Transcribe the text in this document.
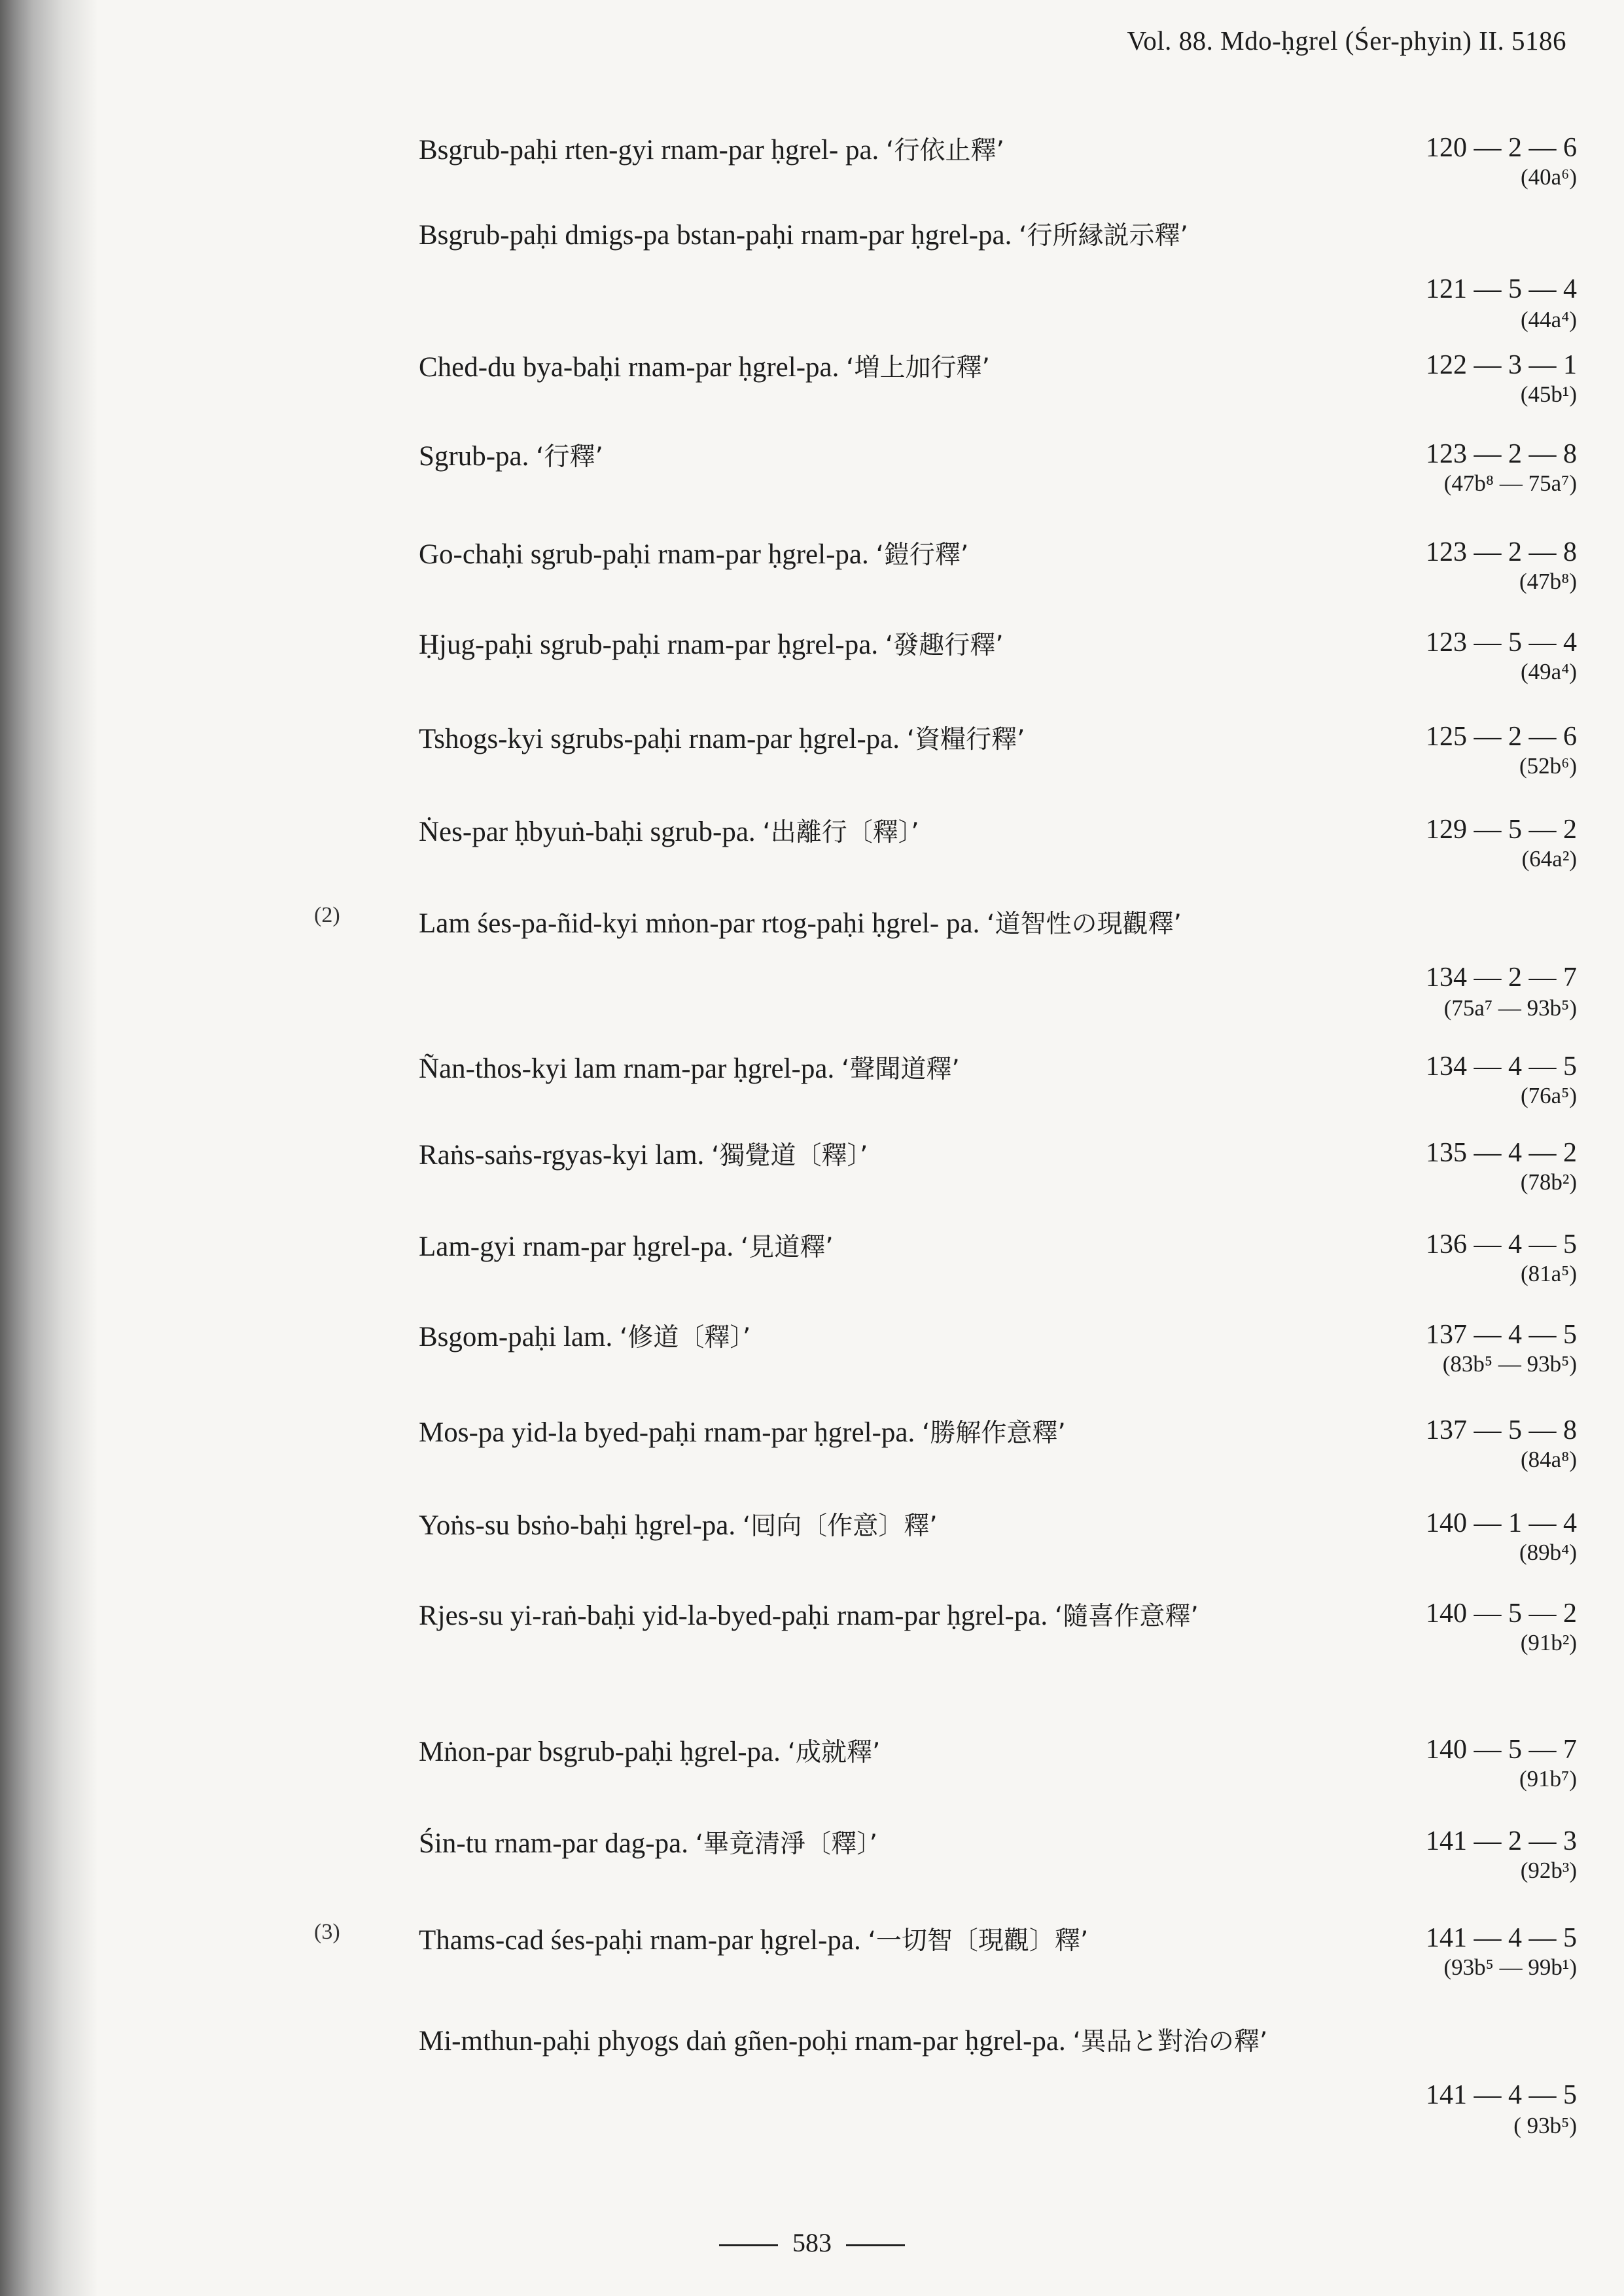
Vol. 88. Mdo-ḥgrel (Śer-phyin) II. 5186
Bsgrub-paḥi rten-gyi rnam-par ḥgrel- pa. ‘行依止釋’	120 — 2 — 6
(40a⁶)
Bsgrub-paḥi dmigs-pa bstan-paḥi rnam-par ḥgrel-pa. ‘行所縁説示釋’
121 — 5 — 4
(44a⁴)
Ched-du bya-baḥi rnam-par ḥgrel-pa. ‘増上加行釋’	122 — 3 — 1
(45b¹)
Sgrub-pa. ‘行釋’	123 — 2 — 8
(47b⁸ — 75a⁷)
Go-chaḥi sgrub-paḥi rnam-par ḥgrel-pa. ‘鎧行釋’	123 — 2 — 8
(47b⁸)
Ḥjug-paḥi sgrub-paḥi rnam-par ḥgrel-pa. ‘發趣行釋’	123 — 5 — 4
(49a⁴)
Tshogs-kyi sgrubs-paḥi rnam-par ḥgrel-pa. ‘資糧行釋’	125 — 2 — 6
(52b⁶)
Ṅes-par ḥbyuṅ-baḥi sgrub-pa. ‘出離行〔釋〕’	129 — 5 — 2
(64a²)
(2)	Lam śes-pa-ñid-kyi mṅon-par rtog-paḥi ḥgrel- pa. ‘道智性の現觀釋’
134 — 2 — 7
(75a⁷ — 93b⁵)
Ñan-thos-kyi lam rnam-par ḥgrel-pa. ‘聲聞道釋’	134 — 4 — 5
(76a⁵)
Raṅs-saṅs-rgyas-kyi lam. ‘獨覺道〔釋〕’	135 — 4 — 2
(78b²)
Lam-gyi rnam-par ḥgrel-pa. ‘見道釋’	136 — 4 — 5
(81a⁵)
Bsgom-paḥi lam. ‘修道〔釋〕’	137 — 4 — 5
(83b⁵ — 93b⁵)
Mos-pa yid-la byed-paḥi rnam-par ḥgrel-pa. ‘勝解作意釋’	137 — 5 — 8
(84a⁸)
Yoṅs-su bsṅo-baḥi ḥgrel-pa. ‘囘向〔作意〕釋’	140 — 1 — 4
(89b⁴)
Rjes-su yi-raṅ-baḥi yid-la-byed-paḥi rnam-par ḥgrel-pa. ‘隨喜作意釋’	140 — 5 — 2
(91b²)
Mṅon-par bsgrub-paḥi ḥgrel-pa. ‘成就釋’	140 — 5 — 7
(91b⁷)
Śin-tu rnam-par dag-pa. ‘畢竟清淨〔釋〕’	141 — 2 — 3
(92b³)
(3)	Thams-cad śes-paḥi rnam-par ḥgrel-pa. ‘一切智〔現觀〕釋’	141 — 4 — 5
(93b⁵ — 99b¹)
Mi-mthun-paḥi phyogs daṅ gñen-poḥi rnam-par ḥgrel-pa. ‘異品と對治の釋’
141 — 4 — 5
( 93b⁵)
583
